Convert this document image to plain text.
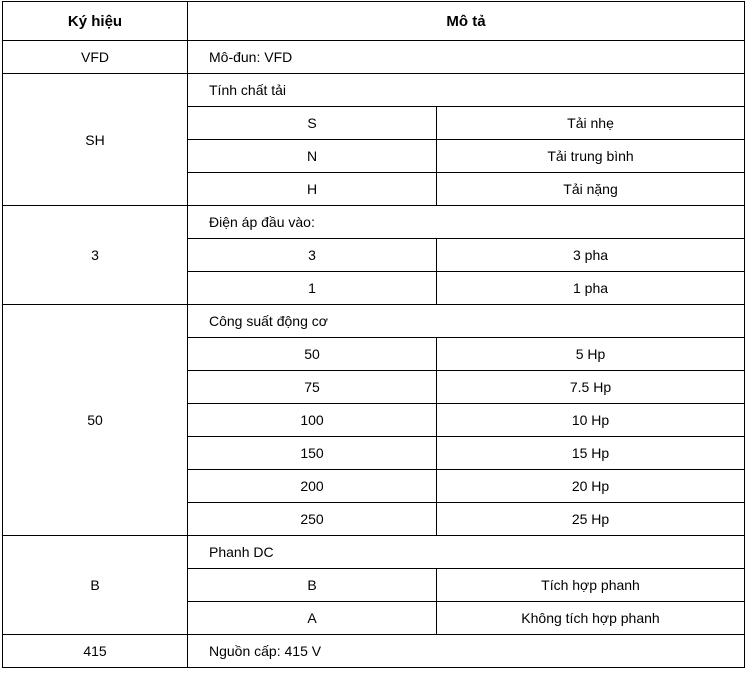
Ký hiệu	Mô tả	
VFD	Mô-đun: VFD	
SH	Tính chất tải	
	S	Tải nhẹ
	N	Tải trung bình
	H	Tải nặng
3	Điện áp đầu vào:	
	3	3 pha
	1	1 pha
50	Công suất động cơ	
	50	5 Hp
	75	7.5 Hp
	100	10 Hp
	150	15 Hp
	200	20 Hp
	250	25 Hp
B	Phanh DC	
	B	Tích hợp phanh
	A	Không tích hợp phanh
415	Nguồn cấp: 415 V	
